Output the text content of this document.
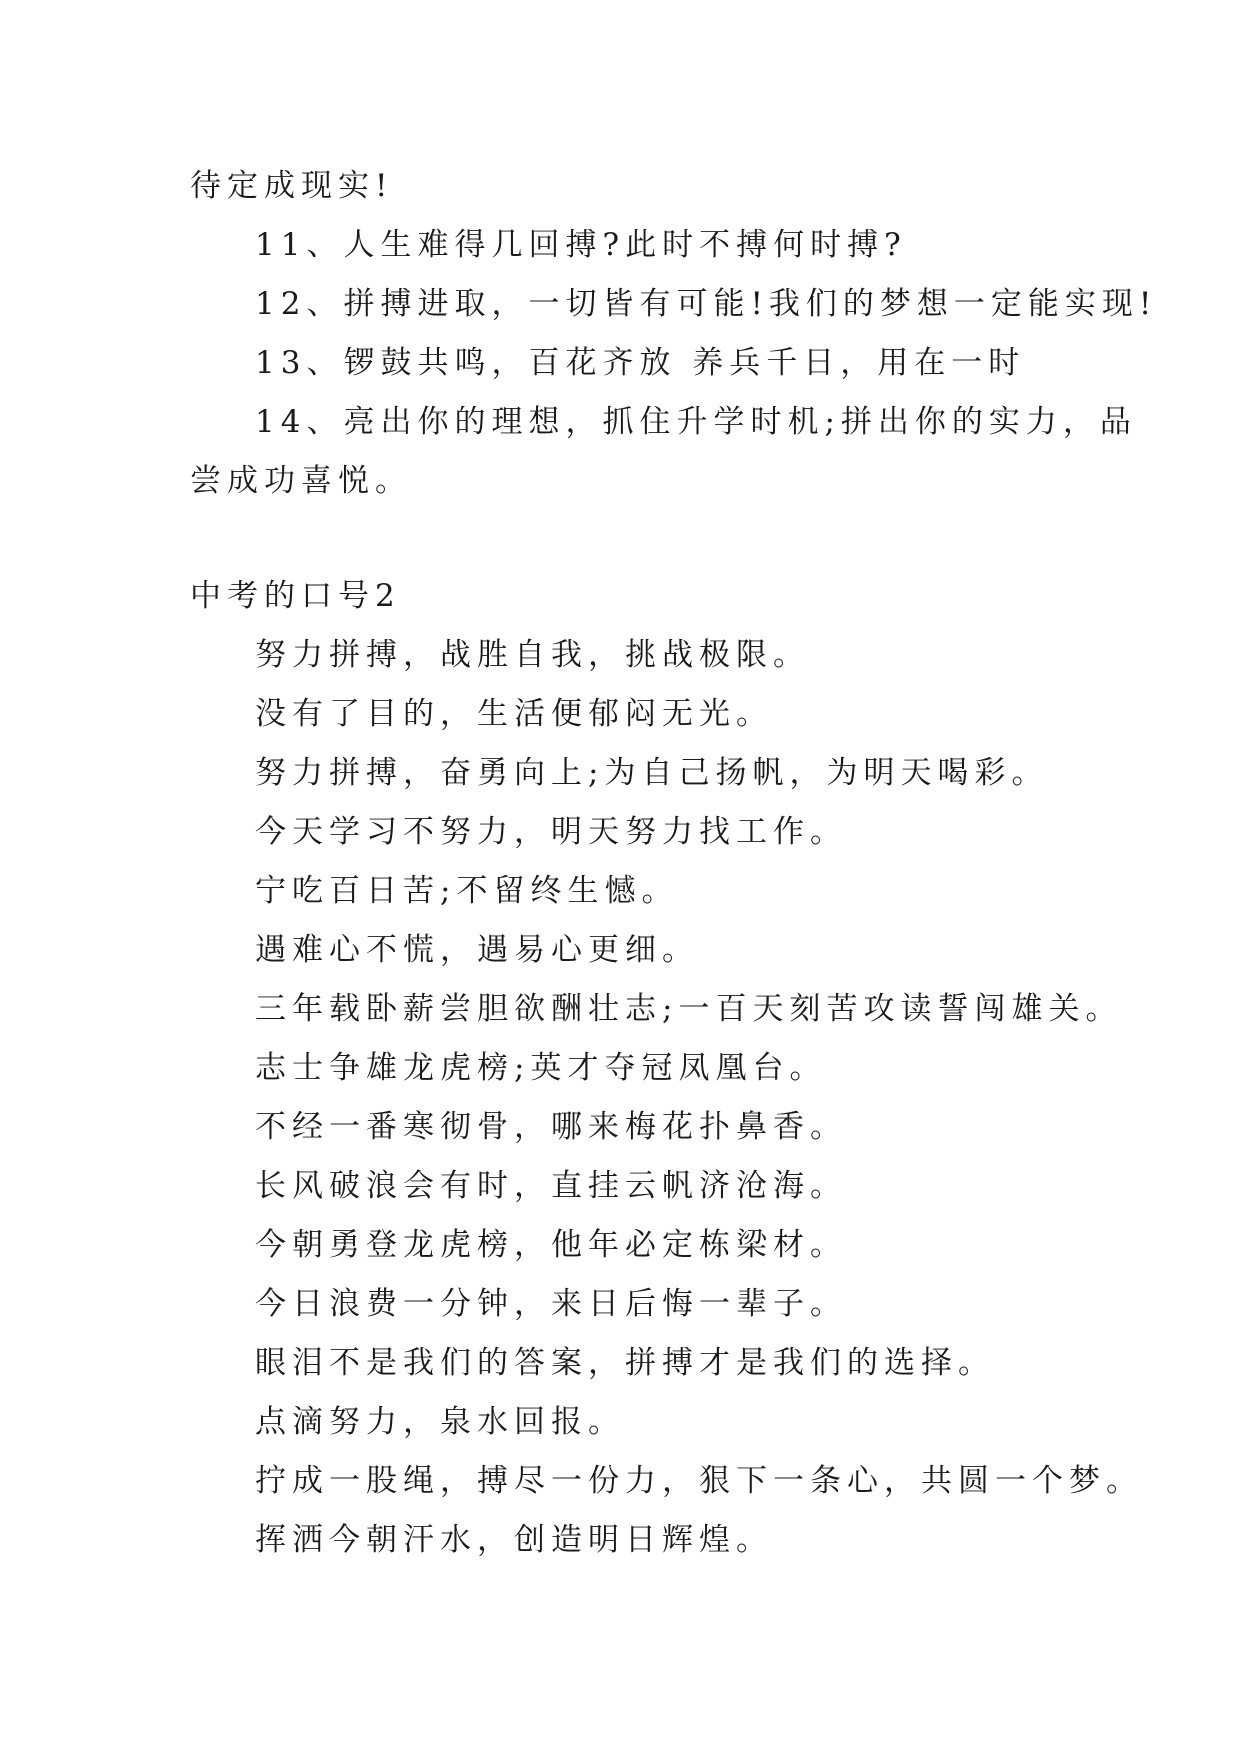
待定成现实!
11、人生难得几回搏?此时不搏何时搏?
12、拼搏进取，一切皆有可能!我们的梦想一定能实现!
13、锣鼓共鸣，百花齐放 养兵千日，用在一时
14、亮出你的理想，抓住升学时机;拼出你的实力，品
尝成功喜悦。
中考的口号2
努力拼搏，战胜自我，挑战极限。
没有了目的，生活便郁闷无光。
努力拼搏，奋勇向上;为自己扬帆，为明天喝彩。
今天学习不努力，明天努力找工作。
宁吃百日苦;不留终生憾。
遇难心不慌，遇易心更细。
三年载卧薪尝胆欲酬壮志;一百天刻苦攻读誓闯雄关。
志士争雄龙虎榜;英才夺冠凤凰台。
不经一番寒彻骨，哪来梅花扑鼻香。
长风破浪会有时，直挂云帆济沧海。
今朝勇登龙虎榜，他年必定栋梁材。
今日浪费一分钟，来日后悔一辈子。
眼泪不是我们的答案，拼搏才是我们的选择。
点滴努力，泉水回报。
拧成一股绳，搏尽一份力，狠下一条心，共圆一个梦。
挥洒今朝汗水，创造明日辉煌。
